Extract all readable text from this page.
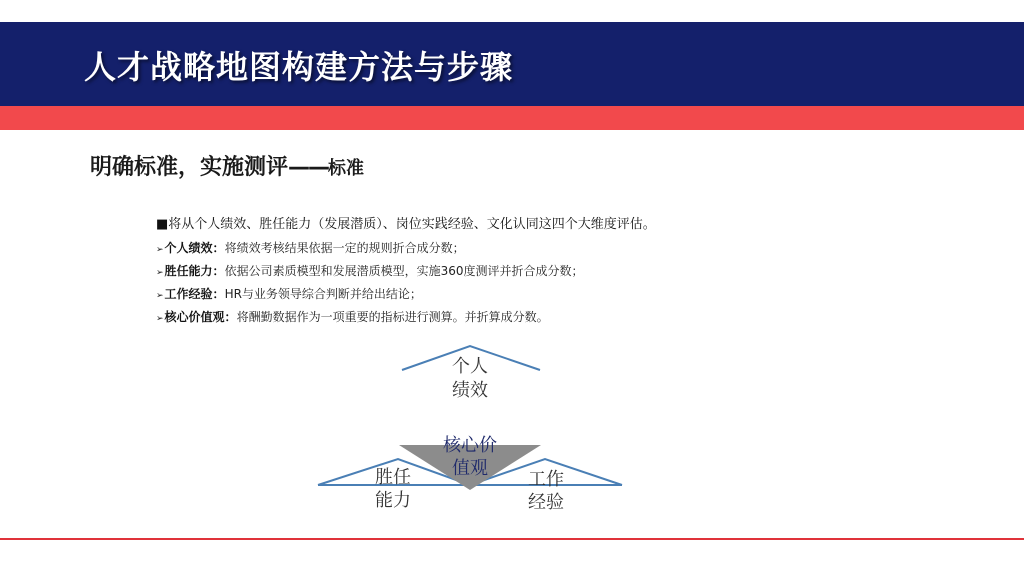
人才战略地图构建方法与步骤
明确标准，实施测评——标准
■将从个人绩效、胜任能力（发展潜质）、岗位实践经验、文化认同这四个大维度评估。
➢个人绩效：将绩效考核结果依据一定的规则折合成分数；
➢胜任能力：依据公司素质模型和发展潜质模型，实施360度测评并折合成分数；
➢工作经验：HR与业务领导综合判断并给出结论；
➢核心价值观：将酬勤数据作为一项重要的指标进行测算。并折算成分数。
个人
绩效
核心价
值观
胜任
能力
工作
经验
